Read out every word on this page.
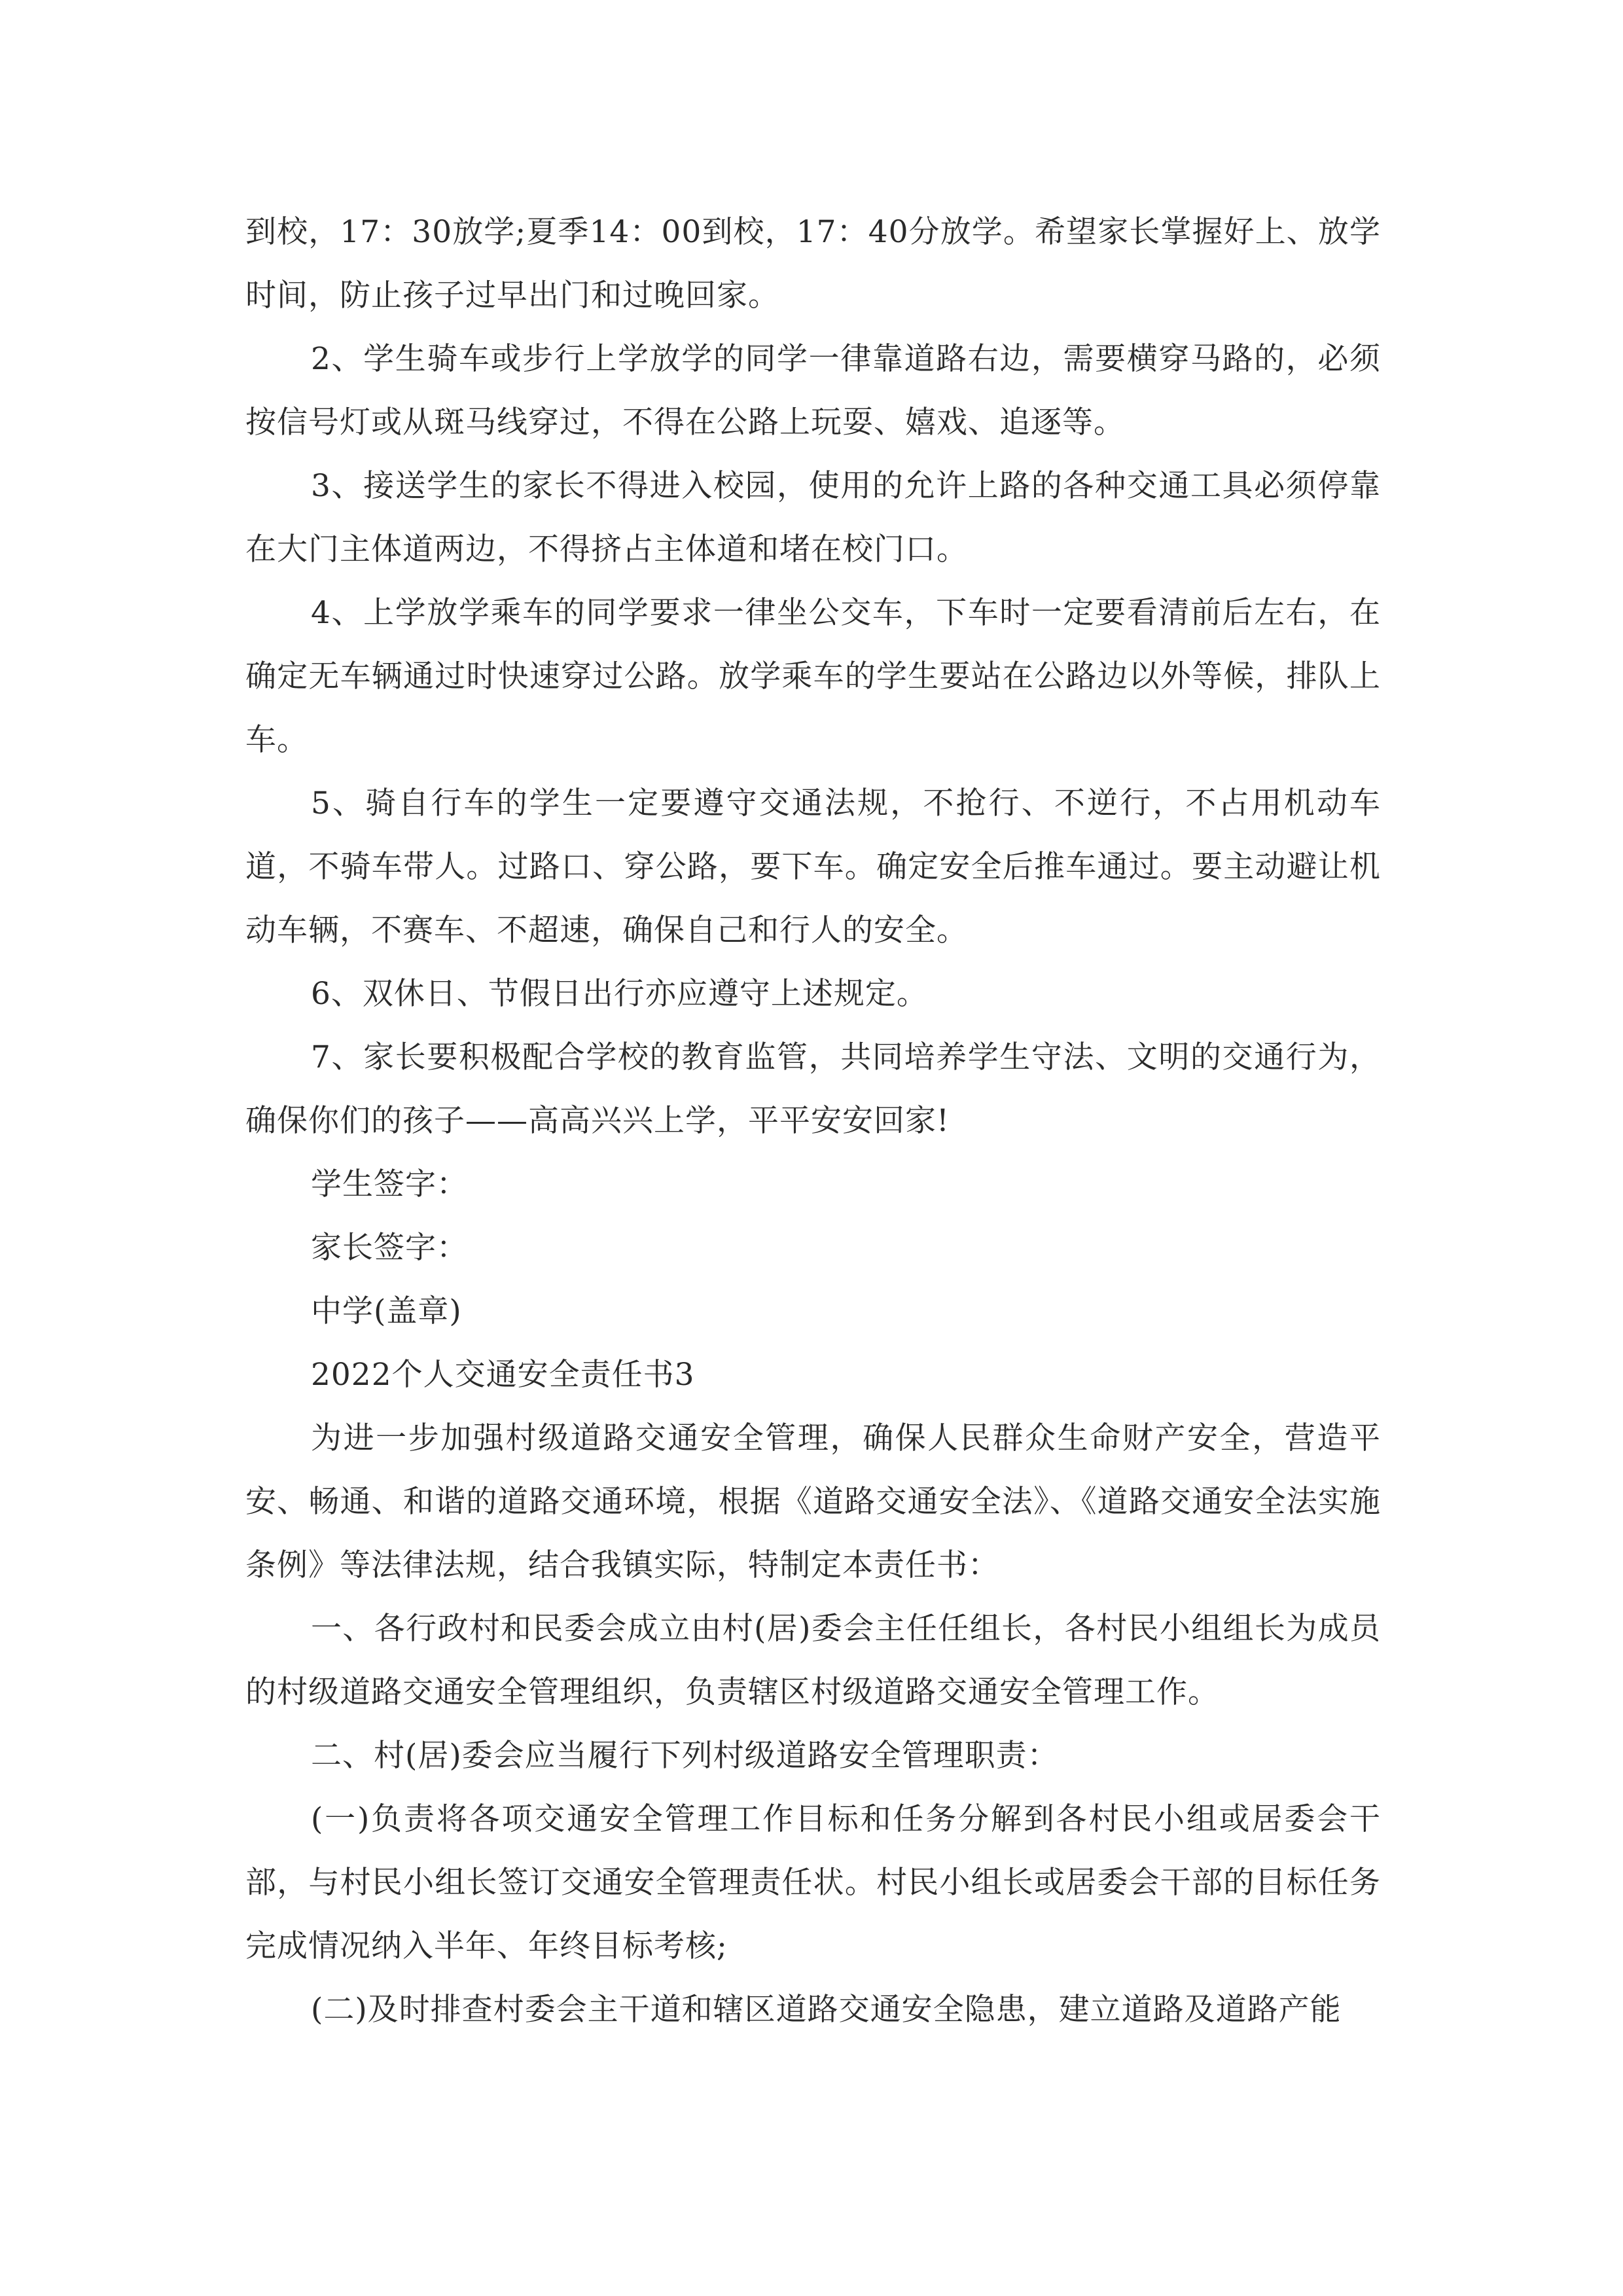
到校，17：30放学;夏季14：00到校，17：40分放学。希望家长掌握好上、放学时间，防止孩子过早出门和过晚回家。

2、学生骑车或步行上学放学的同学一律靠道路右边，需要横穿马路的，必须按信号灯或从斑马线穿过，不得在公路上玩耍、嬉戏、追逐等。

3、接送学生的家长不得进入校园，使用的允许上路的各种交通工具必须停靠在大门主体道两边，不得挤占主体道和堵在校门口。

4、上学放学乘车的同学要求一律坐公交车，下车时一定要看清前后左右，在确定无车辆通过时快速穿过公路。放学乘车的学生要站在公路边以外等候，排队上车。

5、骑自行车的学生一定要遵守交通法规，不抢行、不逆行，不占用机动车道，不骑车带人。过路口、穿公路，要下车。确定安全后推车通过。要主动避让机动车辆，不赛车、不超速，确保自己和行人的安全。

6、双休日、节假日出行亦应遵守上述规定。

7、家长要积极配合学校的教育监管，共同培养学生守法、文明的交通行为，确保你们的孩子——高高兴兴上学，平平安安回家!

学生签字：

家长签字：

中学(盖章)

2022个人交通安全责任书3

为进一步加强村级道路交通安全管理，确保人民群众生命财产安全，营造平安、畅通、和谐的道路交通环境，根据《道路交通安全法》、《道路交通安全法实施条例》等法律法规，结合我镇实际，特制定本责任书：

一、各行政村和民委会成立由村(居)委会主任任组长，各村民小组组长为成员的村级道路交通安全管理组织，负责辖区村级道路交通安全管理工作。

二、村(居)委会应当履行下列村级道路安全管理职责：

(一)负责将各项交通安全管理工作目标和任务分解到各村民小组或居委会干部，与村民小组长签订交通安全管理责任状。村民小组长或居委会干部的目标任务完成情况纳入半年、年终目标考核;

(二)及时排查村委会主干道和辖区道路交通安全隐患，建立道路及道路产能
